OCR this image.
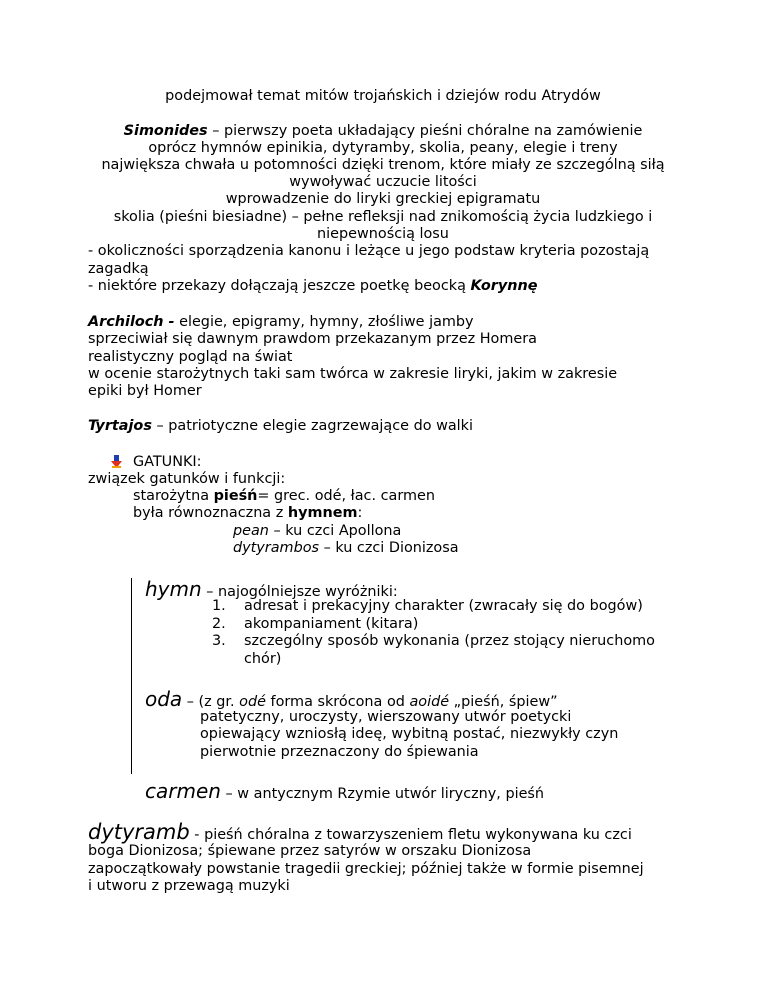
podejmował temat mitów trojańskich i dziejów rodu Atrydów
Simonides – pierwszy poeta układający pieśni chóralne na zamówienie
oprócz hymnów epinikia, dytyramby, skolia, peany, elegie i treny
największa chwała u potomności dzięki trenom, które miały ze szczególną siłą
wywoływać uczucie litości
wprowadzenie do liryki greckiej epigramatu
skolia (pieśni biesiadne) – pełne refleksji nad znikomością życia ludzkiego i
niepewnością losu
- okoliczności sporządzenia kanonu i leżące u jego podstaw kryteria pozostają
zagadką
- niektóre przekazy dołączają jeszcze poetkę beocką Korynnę
Archiloch - elegie, epigramy, hymny, złośliwe jamby
sprzeciwiał się dawnym prawdom przekazanym przez Homera
realistyczny pogląd na świat
w ocenie starożytnych taki sam twórca w zakresie liryki, jakim w zakresie
epiki był Homer
Tyrtajos – patriotyczne elegie zagrzewające do walki
GATUNKI:
związek gatunków i funkcji:
starożytna pieśń= grec. odé, łac. carmen
była równoznaczna z hymnem:
pean – ku czci Apollona
dytyrambos – ku czci Dionizosa
hymn – najogólniejsze wyróżniki:
1. adresat i prekacyjny charakter (zwracały się do bogów)
2. akompaniament (kitara)
3. szczególny sposób wykonania (przez stojący nieruchomo
chór)
oda – (z gr. odé forma skrócona od aoidé „pieśń, śpiew”
patetyczny, uroczysty, wierszowany utwór poetycki
opiewający wzniosłą ideę, wybitną postać, niezwykły czyn
pierwotnie przeznaczony do śpiewania
carmen – w antycznym Rzymie utwór liryczny, pieśń
dytyramb - pieśń chóralna z towarzyszeniem fletu wykonywana ku czci
boga Dionizosa; śpiewane przez satyrów w orszaku Dionizosa
zapoczątkowały powstanie tragedii greckiej; później także w formie pisemnej
i utworu z przewagą muzyki
